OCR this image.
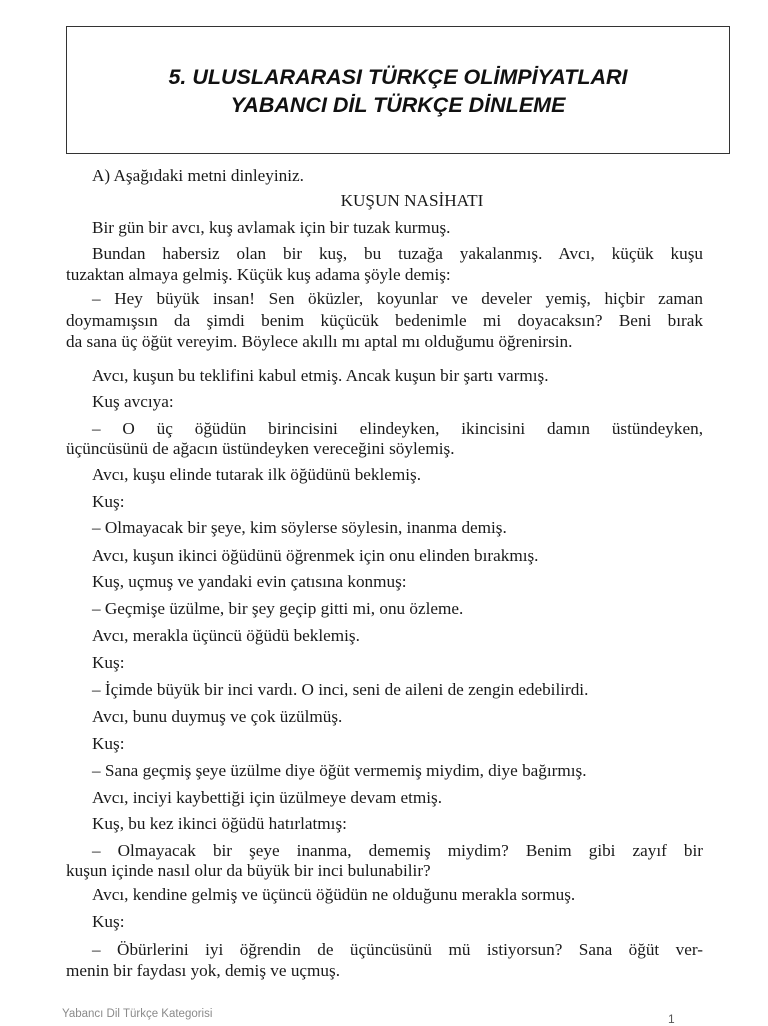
5. ULUSLARARASI TÜRKÇE OLİMPİYATLARI
YABANCI DİL TÜRKÇE DİNLEME
A) Aşağıdaki metni dinleyiniz.
KUŞUN NASİHATI
Bir gün bir avcı, kuş avlamak için bir tuzak kurmuş.
Bundan habersiz olan bir kuş, bu tuzağa yakalanmış. Avcı, küçük kuşu
tuzaktan almaya gelmiş. Küçük kuş adama şöyle demiş:
– Hey büyük insan! Sen öküzler, koyunlar ve develer yemiş, hiçbir zaman
doymamışsın da şimdi benim küçücük bedenimle mi doyacaksın? Beni bırak
da sana üç öğüt vereyim. Böylece akıllı mı aptal mı olduğumu öğrenirsin.
Avcı, kuşun bu teklifini kabul etmiş. Ancak kuşun bir şartı varmış.
Kuş avcıya:
– O üç öğüdün birincisini elindeyken, ikincisini damın üstündeyken,
üçüncüsünü de ağacın üstündeyken vereceğini söylemiş.
Avcı, kuşu elinde tutarak ilk öğüdünü beklemiş.
Kuş:
– Olmayacak bir şeye, kim söylerse söylesin, inanma demiş.
Avcı, kuşun ikinci öğüdünü öğrenmek için onu elinden bırakmış.
Kuş, uçmuş ve yandaki evin çatısına konmuş:
– Geçmişe üzülme, bir şey geçip gitti mi, onu özleme.
Avcı, merakla üçüncü öğüdü beklemiş.
Kuş:
– İçimde büyük bir inci vardı. O inci, seni de aileni de zengin edebilirdi.
Avcı, bunu duymuş ve çok üzülmüş.
Kuş:
– Sana geçmiş şeye üzülme diye öğüt vermemiş miydim, diye bağırmış.
Avcı, inciyi kaybettiği için üzülmeye devam etmiş.
Kuş, bu kez ikinci öğüdü hatırlatmış:
– Olmayacak bir şeye inanma, dememiş miydim? Benim gibi zayıf bir
kuşun içinde nasıl olur da büyük bir inci bulunabilir?
Avcı, kendine gelmiş ve üçüncü öğüdün ne olduğunu merakla sormuş.
Kuş:
– Öbürlerini iyi öğrendin de üçüncüsünü mü istiyorsun? Sana öğüt ver-
menin bir faydası yok, demiş ve uçmuş.
Yabancı Dil Türkçe Kategorisi	1
